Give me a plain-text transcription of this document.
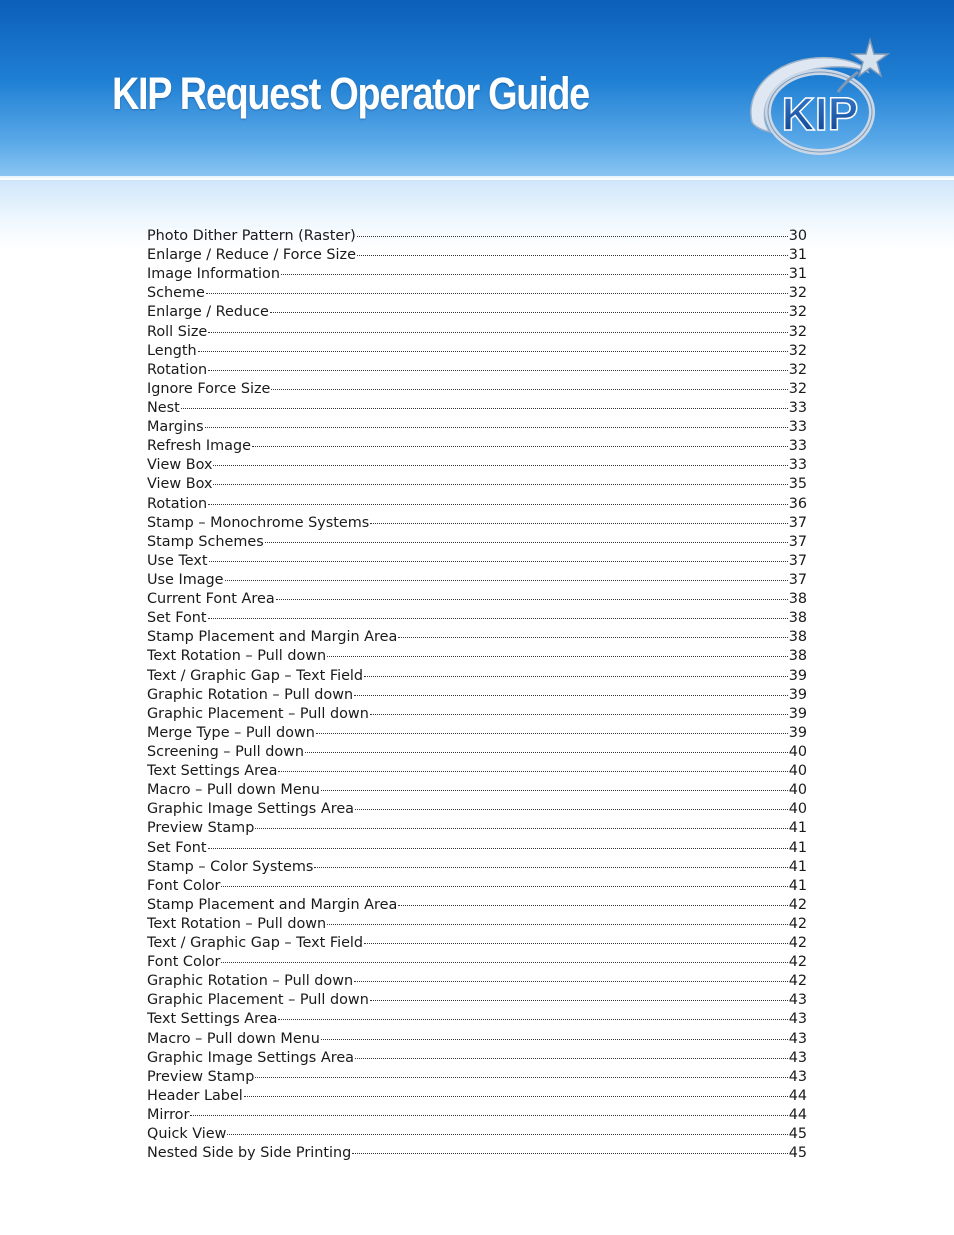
KIP Request Operator Guide	KIP
Photo Dither Pattern (Raster)	30
Enlarge / Reduce / Force Size	31
Image Information	31
Scheme	32
Enlarge / Reduce	32
Roll Size	32
Length	32
Rotation	32
Ignore Force Size	32
Nest	33
Margins	33
Refresh Image	33
View Box	33
View Box	35
Rotation	36
Stamp – Monochrome Systems	37
Stamp Schemes	37
Use Text	37
Use Image	37
Current Font Area	38
Set Font	38
Stamp Placement and Margin Area	38
Text Rotation – Pull down	38
Text / Graphic Gap – Text Field	39
Graphic Rotation – Pull down	39
Graphic Placement – Pull down	39
Merge Type – Pull down	39
Screening – Pull down	40
Text Settings Area	40
Macro – Pull down Menu	40
Graphic Image Settings Area	40
Preview Stamp	41
Set Font	41
Stamp – Color Systems	41
Font Color	41
Stamp Placement and Margin Area	42
Text Rotation – Pull down	42
Text / Graphic Gap – Text Field	42
Font Color	42
Graphic Rotation – Pull down	42
Graphic Placement – Pull down	43
Text Settings Area	43
Macro – Pull down Menu	43
Graphic Image Settings Area	43
Preview Stamp	43
Header Label	44
Mirror	44
Quick View	45
Nested Side by Side Printing	45
